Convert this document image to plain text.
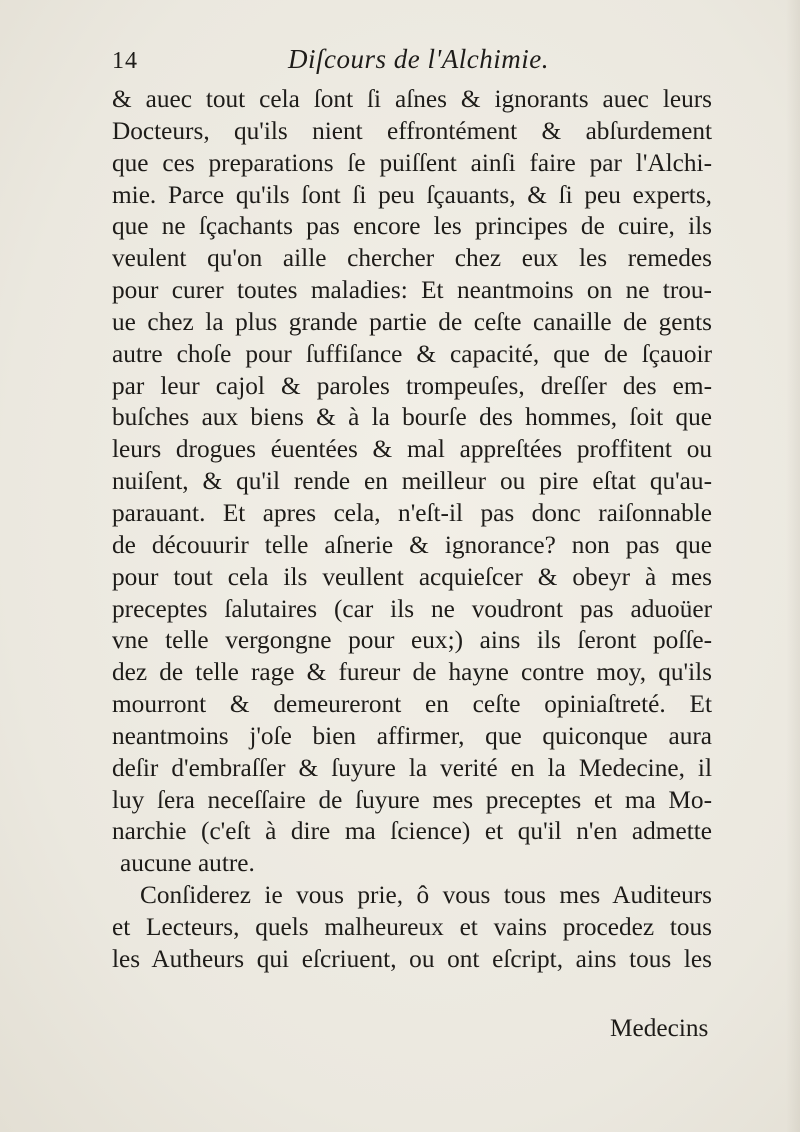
14	Diſcours de l'Alchimie.
& auec tout cela ſont ſi aſnes & ignorants auec leurs
Docteurs, qu'ils nient effrontément & abſurdement
que ces preparations ſe puiſſent ainſi faire par l'Alchi-
mie. Parce qu'ils ſont ſi peu ſçauants, & ſi peu experts,
que ne ſçachants pas encore les principes de cuire, ils
veulent qu'on aille chercher chez eux les remedes
pour curer toutes maladies: Et neantmoins on ne trou-
ue chez la plus grande partie de ceſte canaille de gents
autre choſe pour ſuffiſance & capacité, que de ſçauoir
par leur cajol & paroles trompeuſes, dreſſer des em-
buſches aux biens & à la bourſe des hommes, ſoit que
leurs drogues éuentées & mal appreſtées proffitent ou
nuiſent, & qu'il rende en meilleur ou pire eſtat qu'au-
parauant. Et apres cela, n'eſt-il pas donc raiſonnable
de découurir telle aſnerie & ignorance? non pas que
pour tout cela ils veullent acquieſcer & obeyr à mes
preceptes ſalutaires (car ils ne voudront pas aduoüer
vne telle vergongne pour eux;) ains ils ſeront poſſe-
dez de telle rage & fureur de hayne contre moy, qu'ils
mourront & demeureront en ceſte opiniaſtreté. Et
neantmoins j'oſe bien affirmer, que quiconque aura
deſir d'embraſſer & ſuyure la verité en la Medecine, il
luy ſera neceſſaire de ſuyure mes preceptes et ma Mo-
narchie (c'eſt à dire ma ſcience) et qu'il n'en admette
aucune autre.
Conſiderez ie vous prie, ô vous tous mes Auditeurs
et Lecteurs, quels malheureux et vains procedez tous
les Autheurs qui eſcriuent, ou ont eſcript, ains tous les
Medecins
